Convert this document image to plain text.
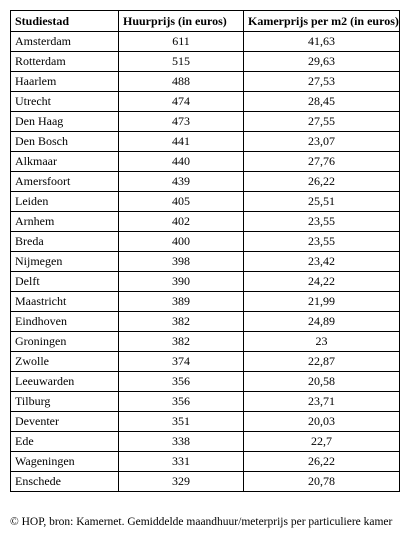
Studiestad	Huurprijs (in euros)	Kamerprijs per m2 (in euros)
Amsterdam	611	41,63
Rotterdam	515	29,63
Haarlem	488	27,53
Utrecht	474	28,45
Den Haag	473	27,55
Den Bosch	441	23,07
Alkmaar	440	27,76
Amersfoort	439	26,22
Leiden	405	25,51
Arnhem	402	23,55
Breda	400	23,55
Nijmegen	398	23,42
Delft	390	24,22
Maastricht	389	21,99
Eindhoven	382	24,89
Groningen	382	23
Zwolle	374	22,87
Leeuwarden	356	20,58
Tilburg	356	23,71
Deventer	351	20,03
Ede	338	22,7
Wageningen	331	26,22
Enschede	329	20,78
© HOP, bron: Kamernet. Gemiddelde maandhuur/meterprijs per particuliere kamer
